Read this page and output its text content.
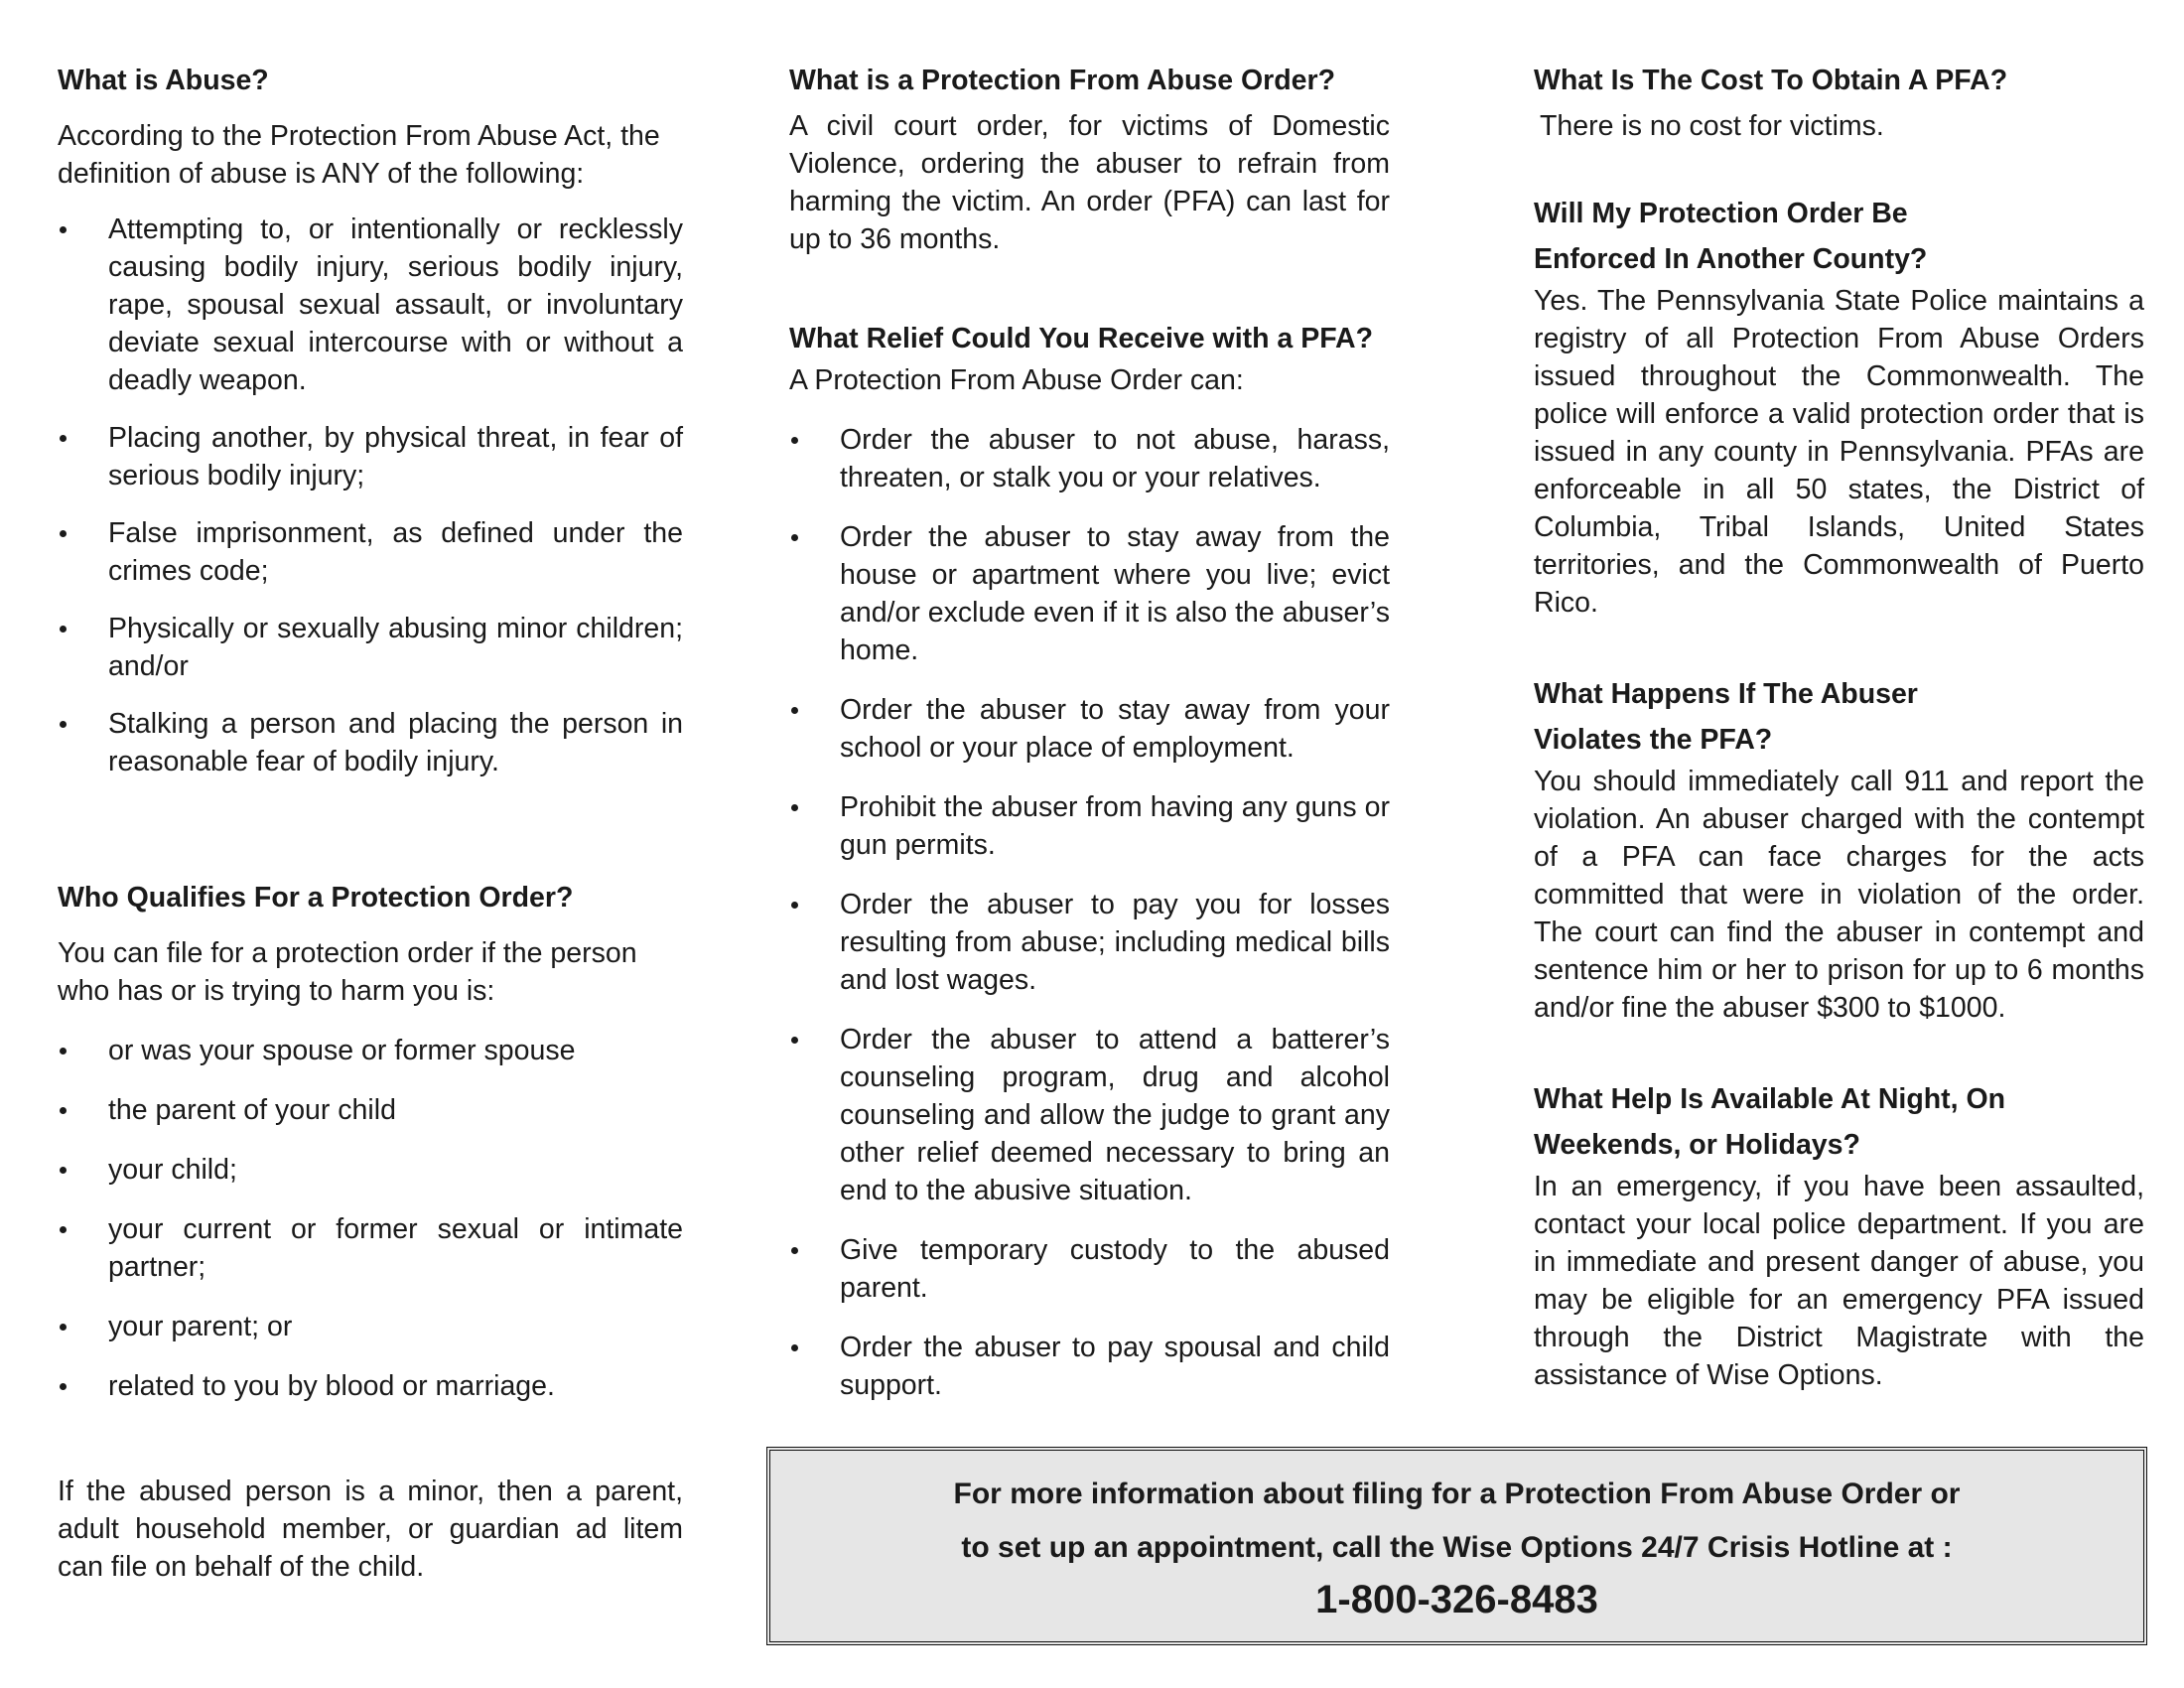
What is Abuse?

According to the Protection From Abuse Act, the definition of abuse is ANY of the following:

Attempting to, or intentionally or recklessly causing bodily injury, serious bodily injury, rape, spousal sexual assault, or involuntary deviate sexual intercourse with or without a deadly weapon.
Placing another, by physical threat, in fear of serious bodily injury;
False imprisonment, as defined under the crimes code;
Physically or sexually abusing minor children; and/or
Stalking a person and placing the person in reasonable fear of bodily injury.
Who Qualifies For a Protection Order?

You can file for a protection order if the person who has or is trying to harm you is:

or was your spouse or former spouse
the parent of your child
your child;
your current or former sexual or intimate partner;
your parent; or
related to you by blood or marriage.

If the abused person is a minor, then a parent, adult household member, or guardian ad litem can file on behalf of the child.

What is a Protection From Abuse Order?

A civil court order, for victims of Domestic Violence, ordering the abuser to refrain from harming the victim. An order (PFA) can last for up to 36 months.

What Relief Could You Receive with a PFA?

A Protection From Abuse Order can:

Order the abuser to not abuse, harass, threaten, or stalk you or your relatives.
Order the abuser to stay away from the house or apartment where you live; evict and/or exclude even if it is also the abuser’s home.
Order the abuser to stay away from your school or your place of employment.
Prohibit the abuser from having any guns or gun permits.
Order the abuser to pay you for losses resulting from abuse; including medical bills and lost wages.
Order the abuser to attend a batterer’s counseling program, drug and alcohol counseling and allow the judge to grant any other relief deemed necessary to bring an end to the abusive situation.
Give temporary custody to the abused parent.
Order the abuser to pay spousal and child support.
What Is The Cost To Obtain A PFA?

There is no cost for victims.

Will My Protection Order Be
Enforced In Another County?

Yes. The Pennsylvania State Police maintains a registry of all Protection From Abuse Orders issued throughout the Commonwealth. The police will enforce a valid protection order that is issued in any county in Pennsylvania. PFAs are enforceable in all 50 states, the District of Columbia, Tribal Islands, United States territories, and the Commonwealth of Puerto Rico.

What Happens If The Abuser
Violates the PFA?

You should immediately call 911 and report the violation. An abuser charged with the contempt of a PFA can face charges for the acts committed that were in violation of the order. The court can find the abuser in contempt and sentence him or her to prison for up to 6 months and/or fine the abuser $300 to $1000.

What Help Is Available At Night, On
Weekends, or Holidays?

In an emergency, if you have been assaulted, contact your local police department. If you are in immediate and present danger of abuse, you may be eligible for an emergency PFA issued through the District Magistrate with the assistance of Wise Options.

For more information about filing for a Protection From Abuse Order or
to set up an appointment, call the Wise Options 24/7 Crisis Hotline at :
1-800-326-8483
